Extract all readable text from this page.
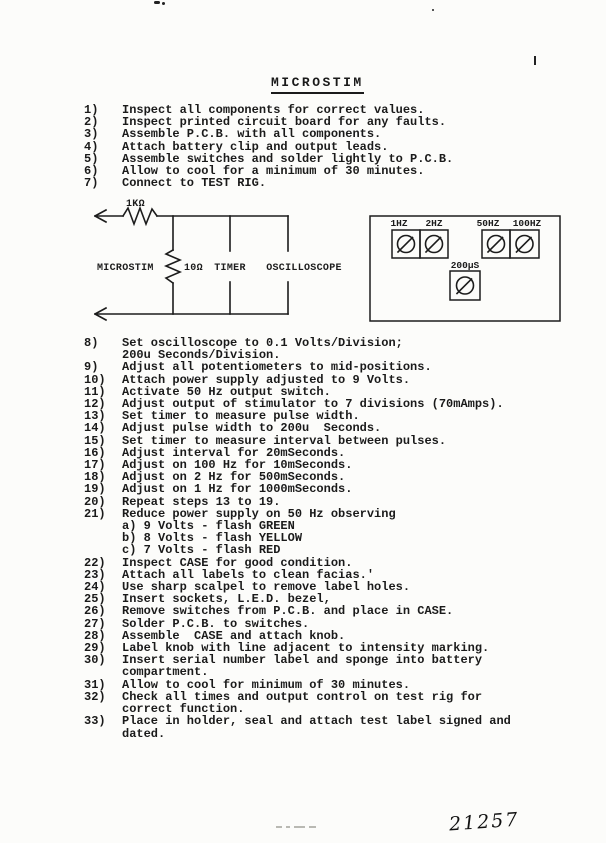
MICROSTIM
1)	Inspect all components for correct values.
2)	Inspect printed circuit board for any faults.
3)	Assemble P.C.B. with all components.
4)	Attach battery clip and output leads.
5)	Assemble switches and solder lightly to P.C.B.
6)	Allow to cool for a minimum of 30 minutes.
7)	Connect to TEST RIG.
1KΩ
MICROSTIM	10Ω TIMER OSCILLOSCOPE
1HZ 2HZ	50HZ 100HZ
200µS
8)	Set oscilloscope to 0.1 Volts/Division;
200u Seconds/Division.
9)	Adjust all potentiometers to mid-positions.
10)	Attach power supply adjusted to 9 Volts.
11)	Activate 50 Hz output switch.
12)	Adjust output of stimulator to 7 divisions (70mAmps).
13)	Set timer to measure pulse width.
14)	Adjust pulse width to 200u  Seconds.
15)	Set timer to measure interval between pulses.
16)	Adjust interval for 20mSeconds.
17)	Adjust on 100 Hz for 10mSeconds.
18)	Adjust on 2 Hz for 500mSeconds.
19)	Adjust on 1 Hz for 1000mSeconds.
20)	Repeat steps 13 to 19.
21)	Reduce power supply on 50 Hz observing
a) 9 Volts - flash GREEN
b) 8 Volts - flash YELLOW
c) 7 Volts - flash RED
22)	Inspect CASE for good condition.
23)	Attach all labels to clean facias.'
24)	Use sharp scalpel to remove label holes.
25)	Insert sockets, L.E.D. bezel,
26)	Remove switches from P.C.B. and place in CASE.
27)	Solder P.C.B. to switches.
28)	Assemble  CASE and attach knob.
29)	Label knob with line adjacent to intensity marking.
30)	Insert serial number label and sponge into battery
compartment.
31)	Allow to cool for minimum of 30 minutes.
32)	Check all times and output control on test rig for
correct function.
33)	Place in holder, seal and attach test label signed and
dated.
21257
